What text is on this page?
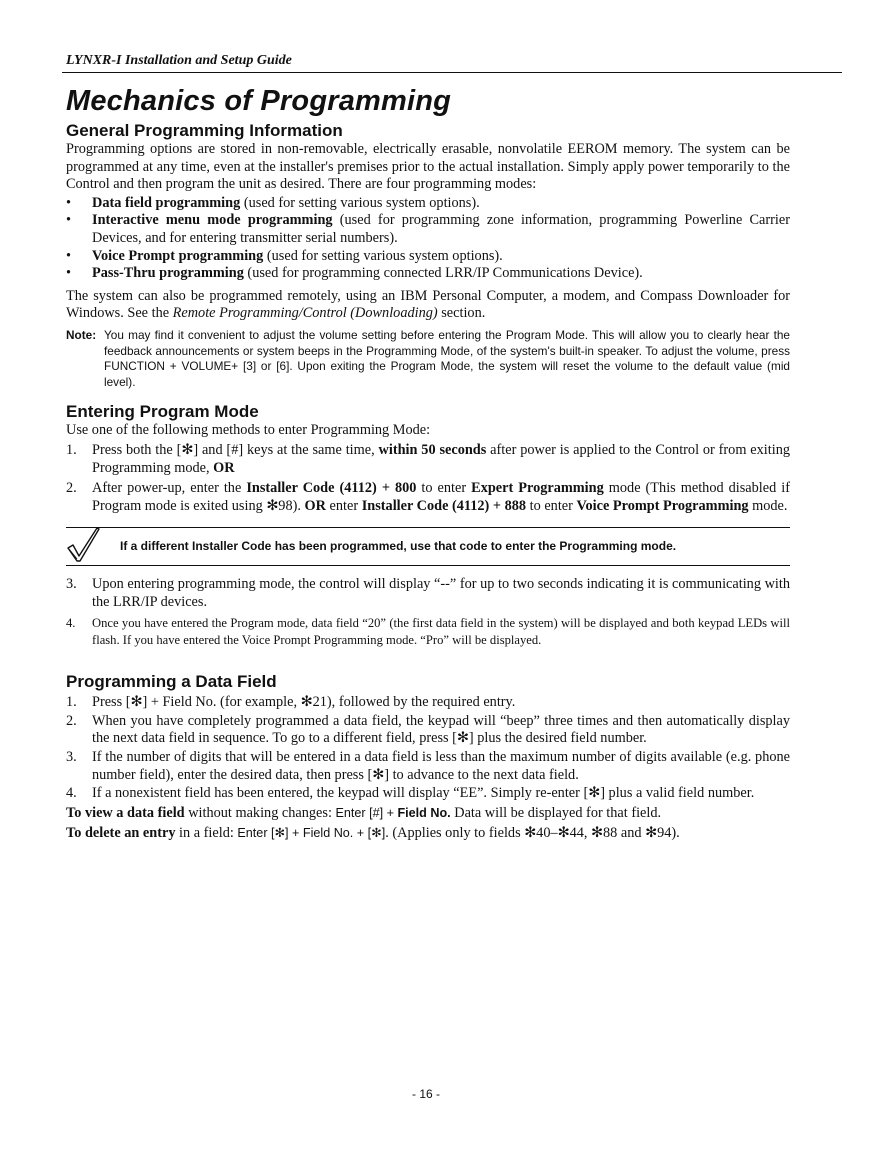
LYNXR-I Installation and Setup Guide
Mechanics of Programming
General Programming Information

Programming options are stored in non-removable, electrically erasable, nonvolatile EEROM memory. The system can be programmed at any time, even at the installer's premises prior to the actual installation. Simply apply power temporarily to the Control and then program the unit as desired. There are four programming modes:

• Data field programming (used for setting various system options).
• Interactive menu mode programming (used for programming zone information, programming Powerline Carrier Devices, and for entering transmitter serial numbers).
• Voice Prompt programming (used for setting various system options).
• Pass-Thru programming (used for programming connected LRR/IP Communications Device).

The system can also be programmed remotely, using an IBM Personal Computer, a modem, and Compass Downloader for Windows. See the Remote Programming/Control (Downloading) section.

Note: You may find it convenient to adjust the volume setting before entering the Program Mode. This will allow you to clearly hear the feedback announcements or system beeps in the Programming Mode, of the system's built-in speaker. To adjust the volume, press FUNCTION + VOLUME+ [3] or [6]. Upon exiting the Program Mode, the system will reset the volume to the default value (mid level).
Entering Program Mode

Use one of the following methods to enter Programming Mode:

1. Press both the [✻] and [#] keys at the same time, within 50 seconds after power is applied to the Control or from exiting Programming mode, OR
2. After power-up, enter the Installer Code (4112) + 800 to enter Expert Programming mode (This method disabled if Program mode is exited using ✻98). OR enter Installer Code (4112) + 888 to enter Voice Prompt Programming mode.
If a different Installer Code has been programmed, use that code to enter the Programming mode.
3. Upon entering programming mode, the control will display “--” for up to two seconds indicating it is communicating with the LRR/IP devices.
4. Once you have entered the Program mode, data field “20” (the first data field in the system) will be displayed and both keypad LEDs will flash. If you have entered the Voice Prompt Programming mode. “Pro” will be displayed.
Programming a Data Field
1. Press [✻] + Field No. (for example, ✻21), followed by the required entry.
2. When you have completely programmed a data field, the keypad will “beep” three times and then automatically display the next data field in sequence. To go to a different field, press [✻] plus the desired field number.
3. If the number of digits that will be entered in a data field is less than the maximum number of digits available (e.g. phone number field), enter the desired data, then press [✻] to advance to the next data field.
4. If a nonexistent field has been entered, the keypad will display “EE”. Simply re-enter [✻] plus a valid field number.

To view a data field without making changes: Enter [#] + Field No. Data will be displayed for that field.

To delete an entry in a field: Enter [✻] + Field No. + [✻]. (Applies only to fields ✻40–✻44, ✻88 and ✻94).

- 16 -
